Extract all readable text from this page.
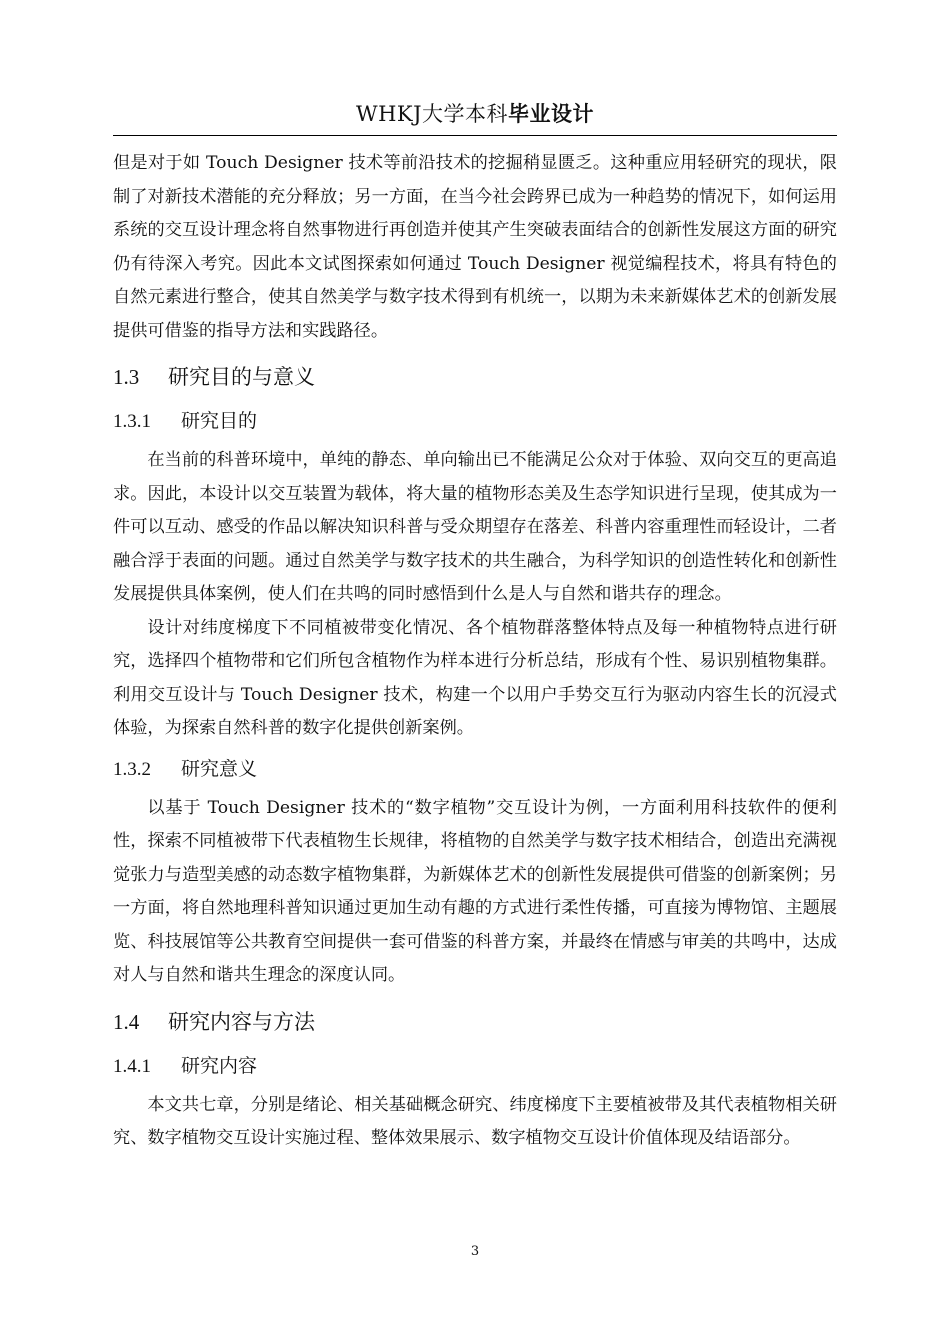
WHKJ大学本科毕业设计

但是对于如 Touch Designer 技术等前沿技术的挖掘稍显匮乏。这种重应用轻研究的现状，限制了对新技术潜能的充分释放；另一方面，在当今社会跨界已成为一种趋势的情况下，如何运用系统的交互设计理念将自然事物进行再创造并使其产生突破表面结合的创新性发展这方面的研究仍有待深入考究。因此本文试图探索如何通过 Touch Designer 视觉编程技术，将具有特色的自然元素进行整合，使其自然美学与数字技术得到有机统一，以期为未来新媒体艺术的创新发展提供可借鉴的指导方法和实践路径。

1.3 研究目的与意义
1.3.1 研究目的

在当前的科普环境中，单纯的静态、单向输出已不能满足公众对于体验、双向交互的更高追求。因此，本设计以交互装置为载体，将大量的植物形态美及生态学知识进行呈现，使其成为一件可以互动、感受的作品以解决知识科普与受众期望存在落差、科普内容重理性而轻设计，二者融合浮于表面的问题。通过自然美学与数字技术的共生融合，为科学知识的创造性转化和创新性发展提供具体案例，使人们在共鸣的同时感悟到什么是人与自然和谐共存的理念。

设计对纬度梯度下不同植被带变化情况、各个植物群落整体特点及每一种植物特点进行研究，选择四个植物带和它们所包含植物作为样本进行分析总结，形成有个性、易识别植物集群。利用交互设计与 Touch Designer 技术，构建一个以用户手势交互行为驱动内容生长的沉浸式体验，为探索自然科普的数字化提供创新案例。

1.3.2 研究意义

以基于 Touch Designer 技术的“数字植物”交互设计为例，一方面利用科技软件的便利性，探索不同植被带下代表植物生长规律，将植物的自然美学与数字技术相结合，创造出充满视觉张力与造型美感的动态数字植物集群，为新媒体艺术的创新性发展提供可借鉴的创新案例；另一方面，将自然地理科普知识通过更加生动有趣的方式进行柔性传播，可直接为博物馆、主题展览、科技展馆等公共教育空间提供一套可借鉴的科普方案，并最终在情感与审美的共鸣中，达成对人与自然和谐共生理念的深度认同。

1.4 研究内容与方法
1.4.1 研究内容

本文共七章，分别是绪论、相关基础概念研究、纬度梯度下主要植被带及其代表植物相关研究、数字植物交互设计实施过程、整体效果展示、数字植物交互设计价值体现及结语部分。

3
